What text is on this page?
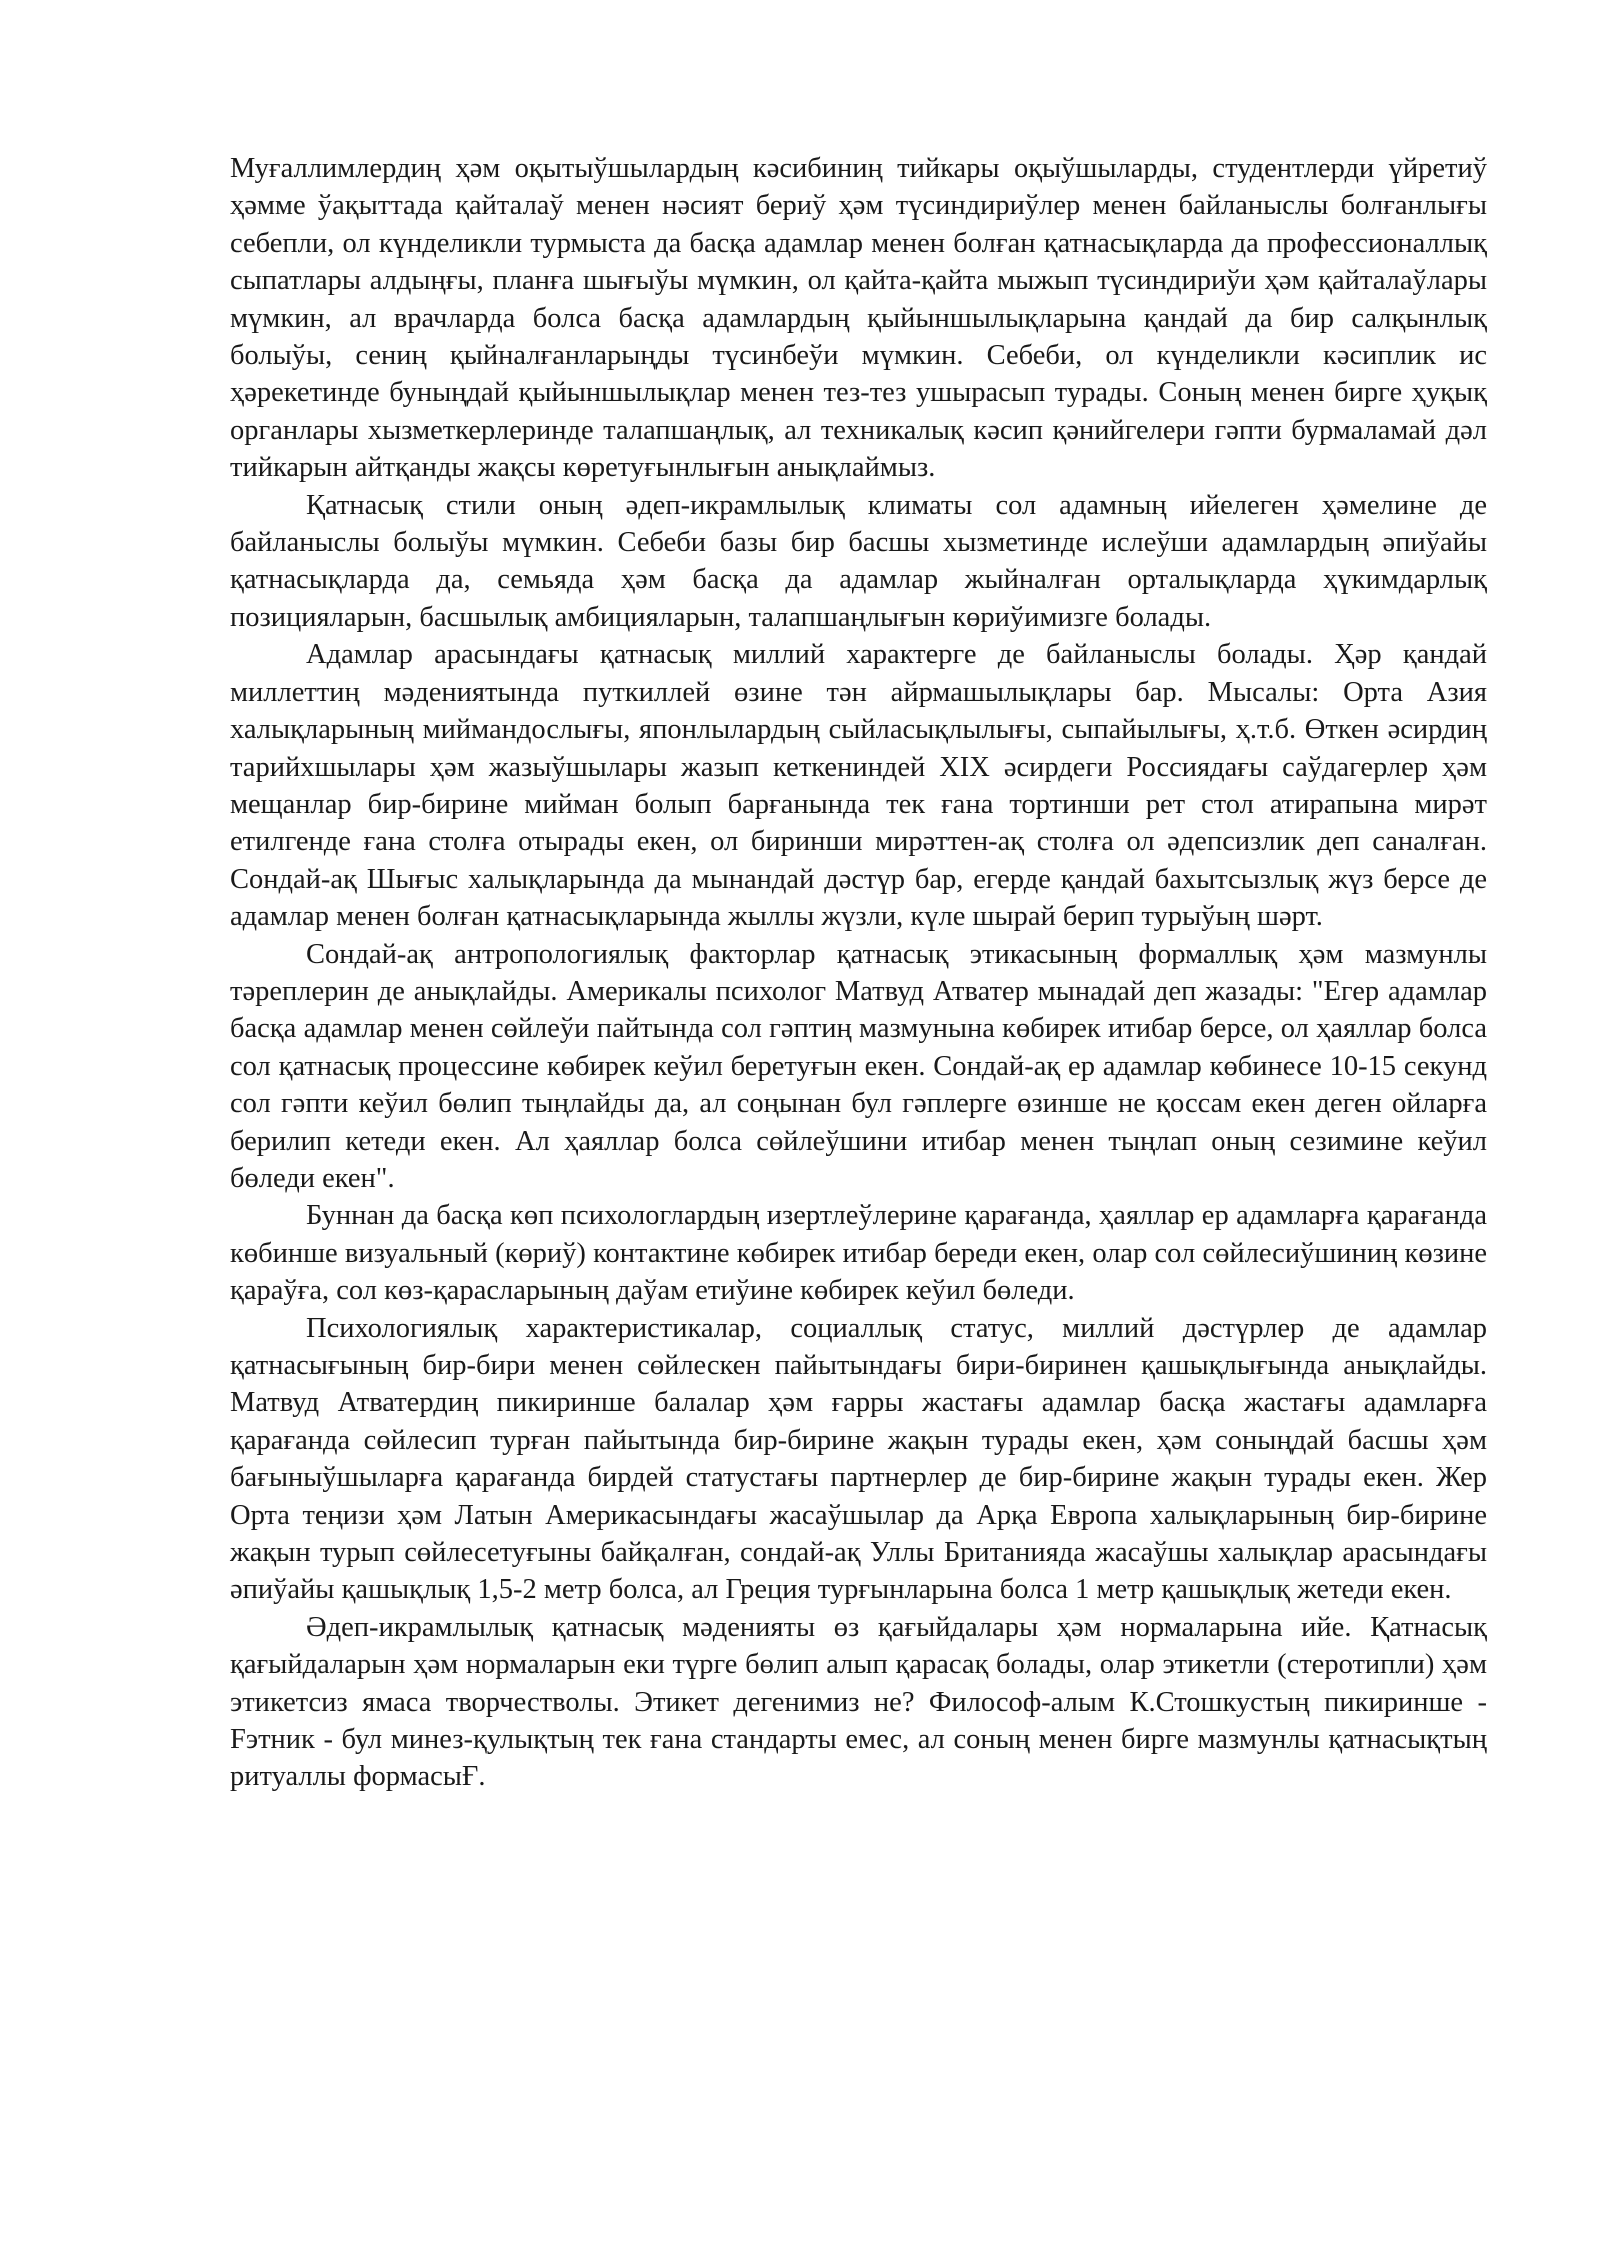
Муғаллимлердиң ҳәм оқытыўшылардың кәсибиниң тийкары оқыўшыларды, студентлерди үйретиў ҳәмме ўақыттада қайталаў менен нәсият бериў ҳәм түсиндириўлер менен байланыслы болғанлығы себепли, ол күнделикли турмыста да басқа адамлар менен болған қатнасықларда да профессионаллық сыпатлары алдыңғы, планға шығыўы мүмкин, ол қайта-қайта мыжып түсиндириўи ҳәм қайталаўлары мүмкин, ал врачларда болса басқа адамлардың қыйыншылықларына қандай да бир салқынлық болыўы, сениң қыйналғанларыңды түсинбеўи мүмкин. Себеби, ол күнделикли кәсиплик ис ҳәрекетинде буныңдай қыйыншылықлар менен тез-тез ушырасып турады. Соның менен бирге ҳуқық органлары хызметкерлеринде талапшаңлық, ал техникалық кәсип қәнийгелери гәпти бурмаламай дәл тийкарын айтқанды жақсы көретуғынлығын анықлаймыз.

Қатнасық стили оның әдеп-икрамлылық климаты сол адамның ийелеген ҳәмелине де байланыслы болыўы мүмкин. Себеби базы бир басшы хызметинде ислеўши адамлардың әпиўайы қатнасықларда да, семьяда ҳәм басқа да адамлар жыйналған орталықларда ҳүкимдарлық позицияларын, басшылық амбицияларын, талапшаңлығын көриўимизге болады.

Адамлар арасындағы қатнасық миллий характерге де байланыслы болады. Ҳәр қандай миллеттиң мәдениятында путкиллей өзине тән айрмашылықлары бар. Мысалы: Орта Азия халықларының миймандослығы, японлылардың сыйласықлылығы, сыпайылығы, ҳ.т.б. Өткен әсирдиң тарийхшылары ҳәм жазыўшылары жазып кеткениндей XIX әсирдеги Россиядағы саўдагерлер ҳәм мещанлар бир-бирине мийман болып барғанында тек ғана тортинши рет стол атирапына мирәт етилгенде ғана столға отырады екен, ол биринши мирәттен-ақ столға ол әдепсизлик деп саналған. Сондай-ақ Шығыс халықларында да мынандай дәстүр бар, егерде қандай бахытсызлық жүз берсе де адамлар менен болған қатнасықларында жыллы жүзли, күле шырай берип турыўың шәрт.

Сондай-ақ антропологиялық факторлар қатнасық этикасының формаллық ҳәм мазмунлы тәреплерин де анықлайды. Америкалы психолог Матвуд Атватер мынадай деп жазады: "Егер адамлар басқа адамлар менен сөйлеўи пайтында сол гәптиң мазмунына көбирек итибар берсе, ол ҳаяллар болса сол қатнасық процессине көбирек кеўил беретуғын екен. Сондай-ақ ер адамлар көбинесе 10-15 секунд сол гәпти кеўил бөлип тыңлайды да, ал соңынан бул гәплерге өзинше не қоссам екен деген ойларға берилип кетеди екен. Ал ҳаяллар болса сөйлеўшини итибар менен тыңлап оның сезимине кеўил бөледи екен".

Буннан да басқа көп психологлардың изертлеўлерине қарағанда, ҳаяллар ер адамларға қарағанда көбинше визуальный (көриў) контактине көбирек итибар береди екен, олар сол сөйлесиўшиниң көзине қараўға, сол көз-қарасларының даўам етиўине көбирек кеўил бөледи.

Психологиялық характеристикалар, социаллық статус, миллий дәстүрлер де адамлар қатнасығының бир-бири менен сөйлескен пайытындағы бири-биринен қашықлығында анықлайды. Матвуд Атватердиң пикиринше балалар ҳәм ғарры жастағы адамлар басқа жастағы адамларға қарағанда сөйлесип турған пайытында бир-бирине жақын турады екен, ҳәм соныңдай басшы ҳәм бағыныўшыларға қарағанда бирдей статустағы партнерлер де бир-бирине жақын турады екен. Жер Орта теңизи ҳәм Латын Америкасындағы жасаўшылар да Арқа Европа халықларының бир-бирине жақын турып сөйлесетуғыны байқалған, сондай-ақ Уллы Британияда жасаўшы халықлар арасындағы әпиўайы қашықлық 1,5-2 метр болса, ал Греция турғынларына болса 1 метр қашықлық жетеди екен.

Әдеп-икрамлылық қатнасық мәденияты өз қағыйдалары ҳәм нормаларына ийе. Қатнасық қағыйдаларын ҳәм нормаларын еки түрге бөлип алып қарасақ болады, олар этикетли (стеротипли) ҳәм этикетсиз ямаса творчестволы. Этикет дегенимиз не? Философ-алым К.Стошкустың пикиринше - Fэтник - бул минез-қулықтың тек ғана стандарты емес, ал соның менен бирге мазмунлы қатнасықтың ритуаллы формасыҒ.
